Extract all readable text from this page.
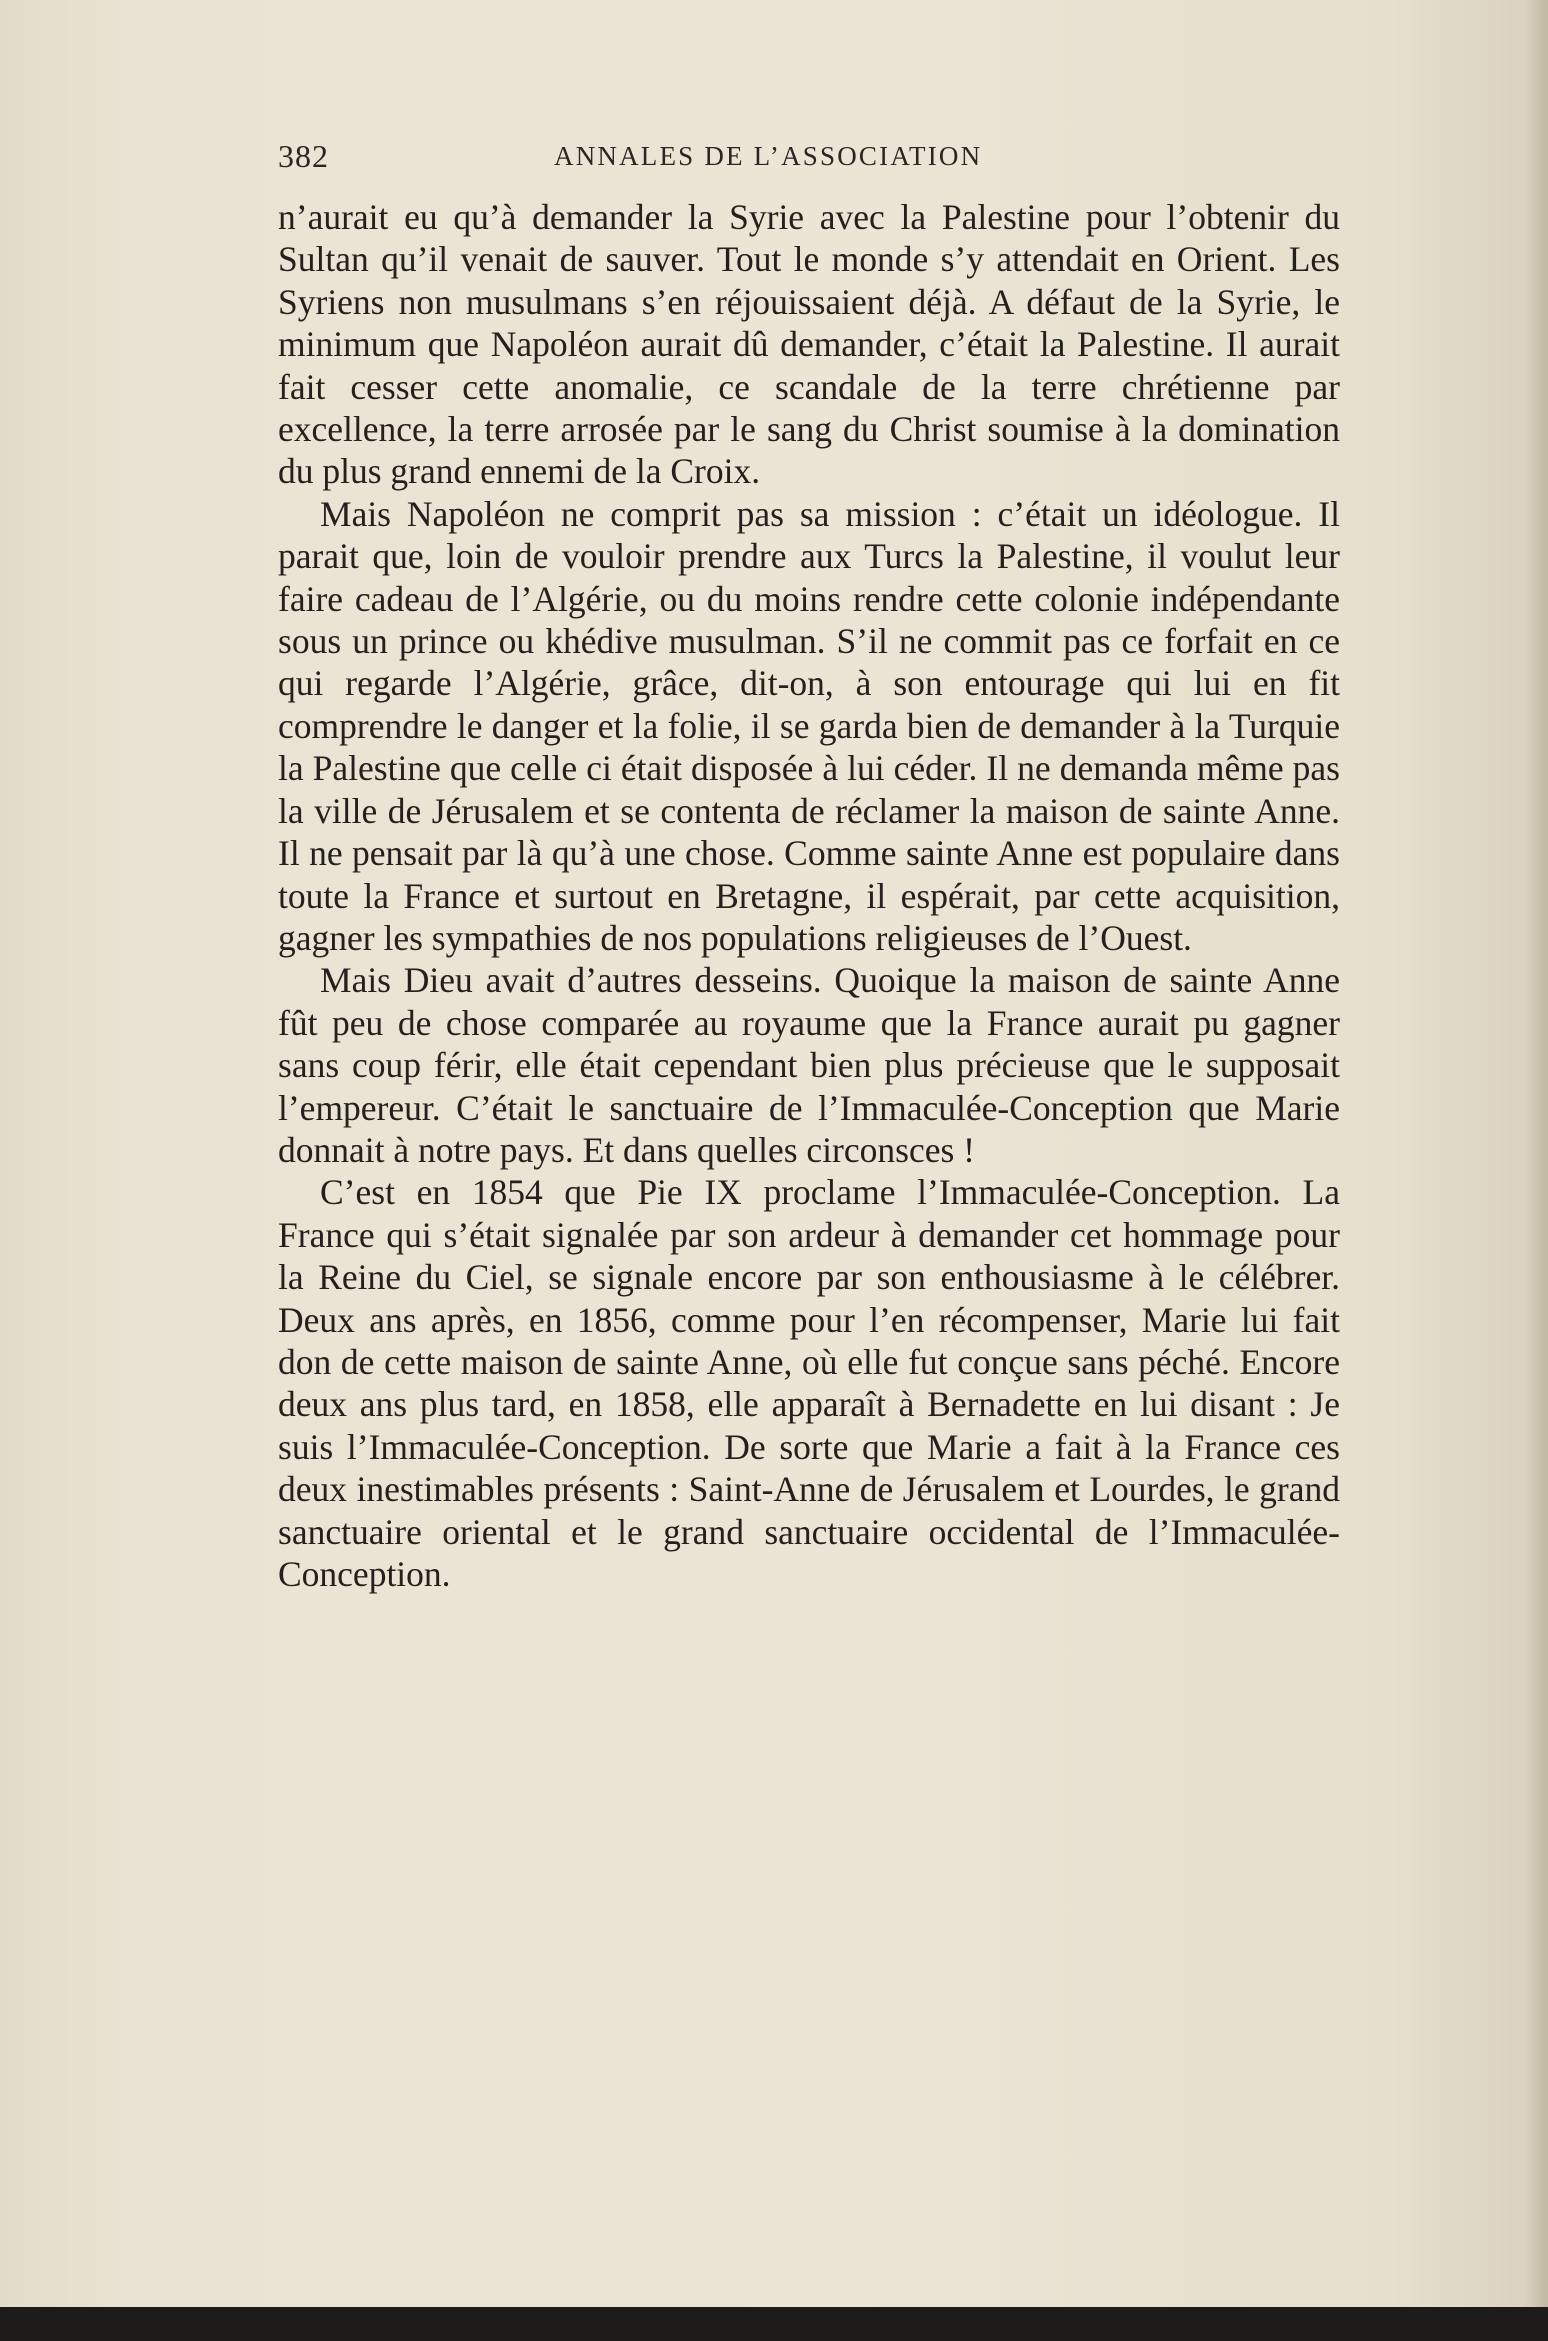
382	ANNALES DE L’ASSOCIATION

n’aurait eu qu’à demander la Syrie avec la Palestine pour l’obtenir du Sultan qu’il venait de sauver. Tout le monde s’y attendait en Orient. Les Syriens non musulmans s’en réjouissaient déjà. A défaut de la Syrie, le minimum que Napoléon aurait dû demander, c’était la Palestine. Il aurait fait cesser cette anomalie, ce scandale de la terre chrétienne par excellence, la terre arrosée par le sang du Christ soumise à la domination du plus grand ennemi de la Croix.

Mais Napoléon ne comprit pas sa mission : c’était un idéologue. Il parait que, loin de vouloir prendre aux Turcs la Palestine, il voulut leur faire cadeau de l’Algérie, ou du moins rendre cette colonie indépendante sous un prince ou khédive musulman. S’il ne commit pas ce forfait en ce qui regarde l’Algérie, grâce, dit-on, à son entourage qui lui en fit comprendre le danger et la folie, il se garda bien de demander à la Turquie la Palestine que celle ci était disposée à lui céder. Il ne demanda même pas la ville de Jérusalem et se contenta de réclamer la maison de sainte Anne. Il ne pensait par là qu’à une chose. Comme sainte Anne est populaire dans toute la France et surtout en Bretagne, il espérait, par cette acquisition, gagner les sympathies de nos populations religieuses de l’Ouest.

Mais Dieu avait d’autres desseins. Quoique la maison de sainte Anne fût peu de chose comparée au royaume que la France aurait pu gagner sans coup férir, elle était cependant bien plus précieuse que le supposait l’empereur. C’était le sanctuaire de l’Immaculée-Conception que Marie donnait à notre pays. Et dans quelles circonsces !

C’est en 1854 que Pie IX proclame l’Immaculée-Conception. La France qui s’était signalée par son ardeur à demander cet hommage pour la Reine du Ciel, se signale encore par son enthousiasme à le célébrer. Deux ans après, en 1856, comme pour l’en récompenser, Marie lui fait don de cette maison de sainte Anne, où elle fut conçue sans péché. Encore deux ans plus tard, en 1858, elle apparaît à Bernadette en lui disant : Je suis l’Immaculée-Conception. De sorte que Marie a fait à la France ces deux inestimables présents : Saint-Anne de Jérusalem et Lourdes, le grand sanctuaire oriental et le grand sanctuaire occidental de l’Immaculée-Conception.
